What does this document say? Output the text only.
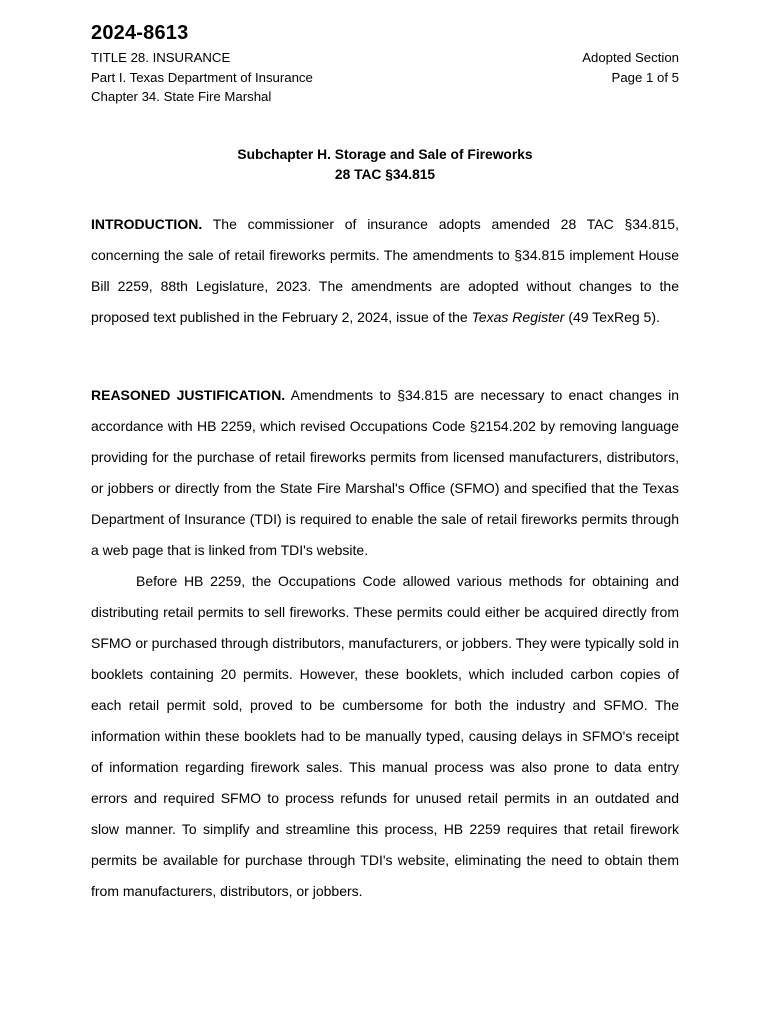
2024-8613
TITLE 28. INSURANCE
Part I. Texas Department of Insurance
Chapter 34. State Fire Marshal
Adopted Section
Page 1 of 5
Subchapter H. Storage and Sale of Fireworks
28 TAC §34.815

INTRODUCTION. The commissioner of insurance adopts amended 28 TAC §34.815, concerning the sale of retail fireworks permits. The amendments to §34.815 implement House Bill 2259, 88th Legislature, 2023. The amendments are adopted without changes to the proposed text published in the February 2, 2024, issue of the Texas Register (49 TexReg 5).

REASONED JUSTIFICATION. Amendments to §34.815 are necessary to enact changes in accordance with HB 2259, which revised Occupations Code §2154.202 by removing language providing for the purchase of retail fireworks permits from licensed manufacturers, distributors, or jobbers or directly from the State Fire Marshal's Office (SFMO) and specified that the Texas Department of Insurance (TDI) is required to enable the sale of retail fireworks permits through a web page that is linked from TDI's website.

Before HB 2259, the Occupations Code allowed various methods for obtaining and distributing retail permits to sell fireworks. These permits could either be acquired directly from SFMO or purchased through distributors, manufacturers, or jobbers. They were typically sold in booklets containing 20 permits. However, these booklets, which included carbon copies of each retail permit sold, proved to be cumbersome for both the industry and SFMO. The information within these booklets had to be manually typed, causing delays in SFMO's receipt of information regarding firework sales. This manual process was also prone to data entry errors and required SFMO to process refunds for unused retail permits in an outdated and slow manner. To simplify and streamline this process, HB 2259 requires that retail firework permits be available for purchase through TDI's website, eliminating the need to obtain them from manufacturers, distributors, or jobbers.
